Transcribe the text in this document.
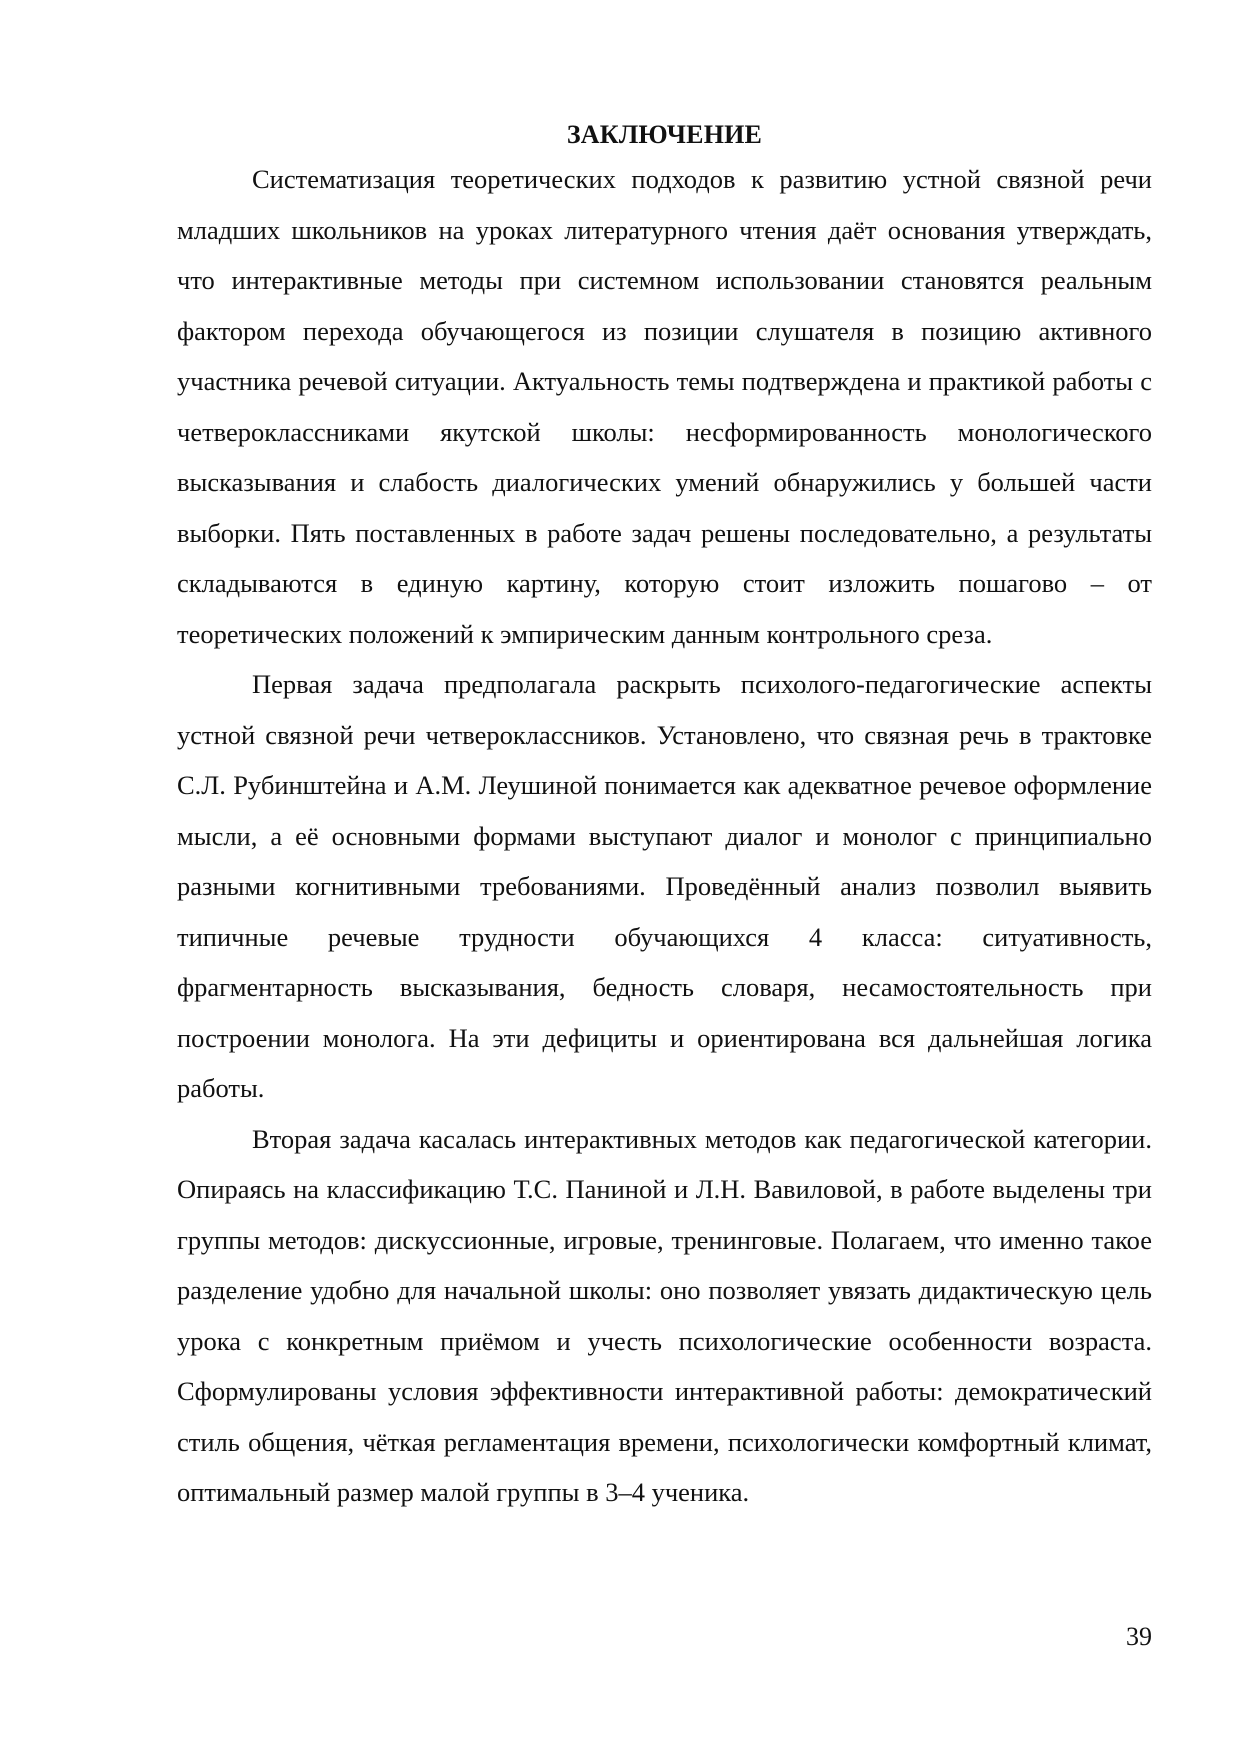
ЗАКЛЮЧЕНИЕ

Систематизация теоретических подходов к развитию устной связной речи младших школьников на уроках литературного чтения даёт основания утверждать, что интерактивные методы при системном использовании становятся реальным фактором перехода обучающегося из позиции слушателя в позицию активного участника речевой ситуации. Актуальность темы подтверждена и практикой работы с четвероклассниками якутской школы: несформированность монологического высказывания и слабость диалогических умений обнаружились у большей части выборки. Пять поставленных в работе задач решены последовательно, а результаты складываются в единую картину, которую стоит изложить пошагово – от теоретических положений к эмпирическим данным контрольного среза.

Первая задача предполагала раскрыть психолого-педагогические аспекты устной связной речи четвероклассников. Установлено, что связная речь в трактовке С.Л. Рубинштейна и А.М. Леушиной понимается как адекватное речевое оформление мысли, а её основными формами выступают диалог и монолог с принципиально разными когнитивными требованиями. Проведённый анализ позволил выявить типичные речевые трудности обучающихся 4 класса: ситуативность, фрагментарность высказывания, бедность словаря, несамостоятельность при построении монолога. На эти дефициты и ориентирована вся дальнейшая логика работы.

Вторая задача касалась интерактивных методов как педагогической категории. Опираясь на классификацию Т.С. Паниной и Л.Н. Вавиловой, в работе выделены три группы методов: дискуссионные, игровые, тренинговые. Полагаем, что именно такое разделение удобно для начальной школы: оно позволяет увязать дидактическую цель урока с конкретным приёмом и учесть психологические особенности возраста. Сформулированы условия эффективности интерактивной работы: демократический стиль общения, чёткая регламентация времени, психологически комфортный климат, оптимальный размер малой группы в 3–4 ученика.

39
